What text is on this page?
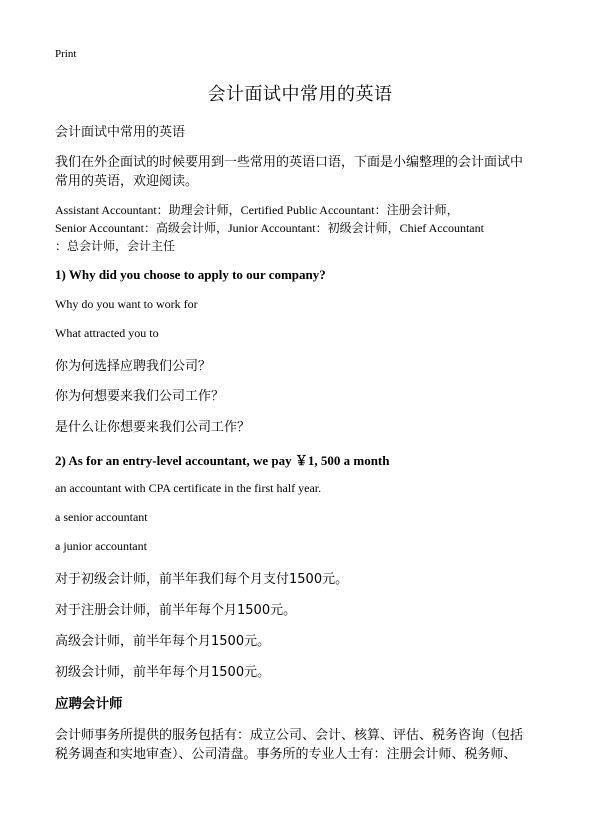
Print
会计面试中常用的英语
会计面试中常用的英语
我们在外企面试的时候要用到一些常用的英语口语，下面是小编整理的会计面试中
常用的英语，欢迎阅读。
Assistant Accountant：助理会计师，Certified Public Accountant：注册会计师，
Senior Accountant：高级会计师，Junior Accountant：初级会计师，Chief Accountant
：总会计师，会计主任
1) Why did you choose to apply to our company?
Why do you want to work for
What attracted you to
你为何选择应聘我们公司？
你为何想要来我们公司工作？
是什么让你想要来我们公司工作？
2) As for an entry-level accountant, we pay ￥1, 500 a month
an accountant with CPA certificate in the first half year.
a senior accountant
a junior accountant
对于初级会计师，前半年我们每个月支付1500元。
对于注册会计师，前半年每个月1500元。
高级会计师，前半年每个月1500元。
初级会计师，前半年每个月1500元。
应聘会计师
会计师事务所提供的服务包括有：成立公司、会计、核算、评估、税务咨询（包括
税务调查和实地审查）、公司清盘。事务所的专业人士有：注册会计师、税务师、
